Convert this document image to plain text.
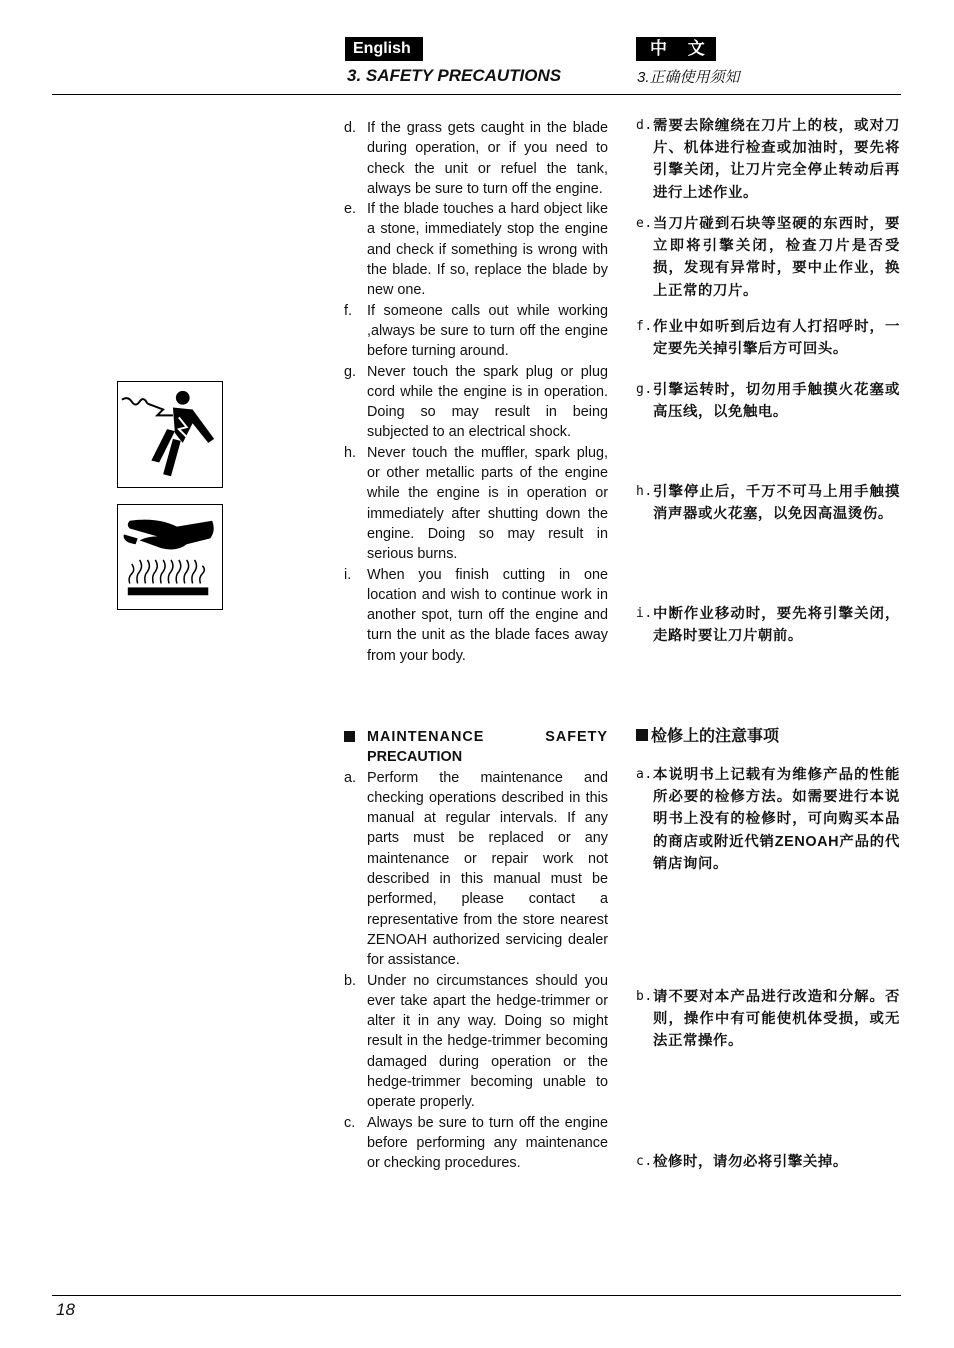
English	中 文
3. SAFETY PRECAUTIONS	3.正确使用须知
d. If the grass gets caught in the blade during operation, or if you need to check the unit or refuel the tank, always be sure to turn off the engine.
e. If the blade touches a hard object like a stone, immediately stop the engine and check if something is wrong with the blade. If so, replace the blade by new one.
f.	If someone calls out while working ,always be sure to turn off the engine before turning around.
g. Never touch the spark plug or plug cord while the engine is in operation. Doing so may result in being subjected to an electrical shock.
h. Never touch the muffler, spark plug, or other metallic parts of the engine while the engine is in operation or immediately after shutting down the engine. Doing so may result in serious burns.
i.	When you finish cutting in one location and wish to continue work in another spot, turn off the engine and turn the unit as the blade faces away from your body.
MAINTENANCE SAFETY
PRECAUTION
a. Perform the maintenance and checking operations described in this manual at regular intervals. If any parts must be replaced or any maintenance or repair work not described in this manual must be performed, please contact a representative from the store nearest ZENOAH authorized servicing dealer for assistance.
b. Under no circumstances should you ever take apart the hedge-trimmer or alter it in any way. Doing so might result in the hedge-trimmer becoming damaged during operation or the hedge-trimmer becoming unable to operate properly.
c. Always be sure to turn off the engine before performing any maintenance or checking procedures.
d. 需要去除缠绕在刀片上的枝，或对刀片、机体进行检查或加油时，要先将引擎关闭，让刀片完全停止转动后再进行上述作业。
e. 当刀片碰到石块等坚硬的东西时，要立即将引擎关闭，检查刀片是否受损，发现有异常时，要中止作业，换上正常的刀片。
f. 作业中如听到后边有人打招呼时，一定要先关掉引擎后方可回头。
g. 引擎运转时，切勿用手触摸火花塞或高压线，以免触电。
h. 引擎停止后，千万不可马上用手触摸消声器或火花塞，以免因高温烫伤。
i. 中断作业移动时，要先将引擎关闭，走路时要让刀片朝前。
检修上的注意事项
a. 本说明书上记载有为维修产品的性能所必要的检修方法。如需要进行本说明书上没有的检修时，可向购买本品的商店或附近代销ZENOAH产品的代销店询问。
b. 请不要对本产品进行改造和分解。否则，操作中有可能使机体受损，或无法正常操作。
c. 检修时，请勿必将引擎关掉。
18
